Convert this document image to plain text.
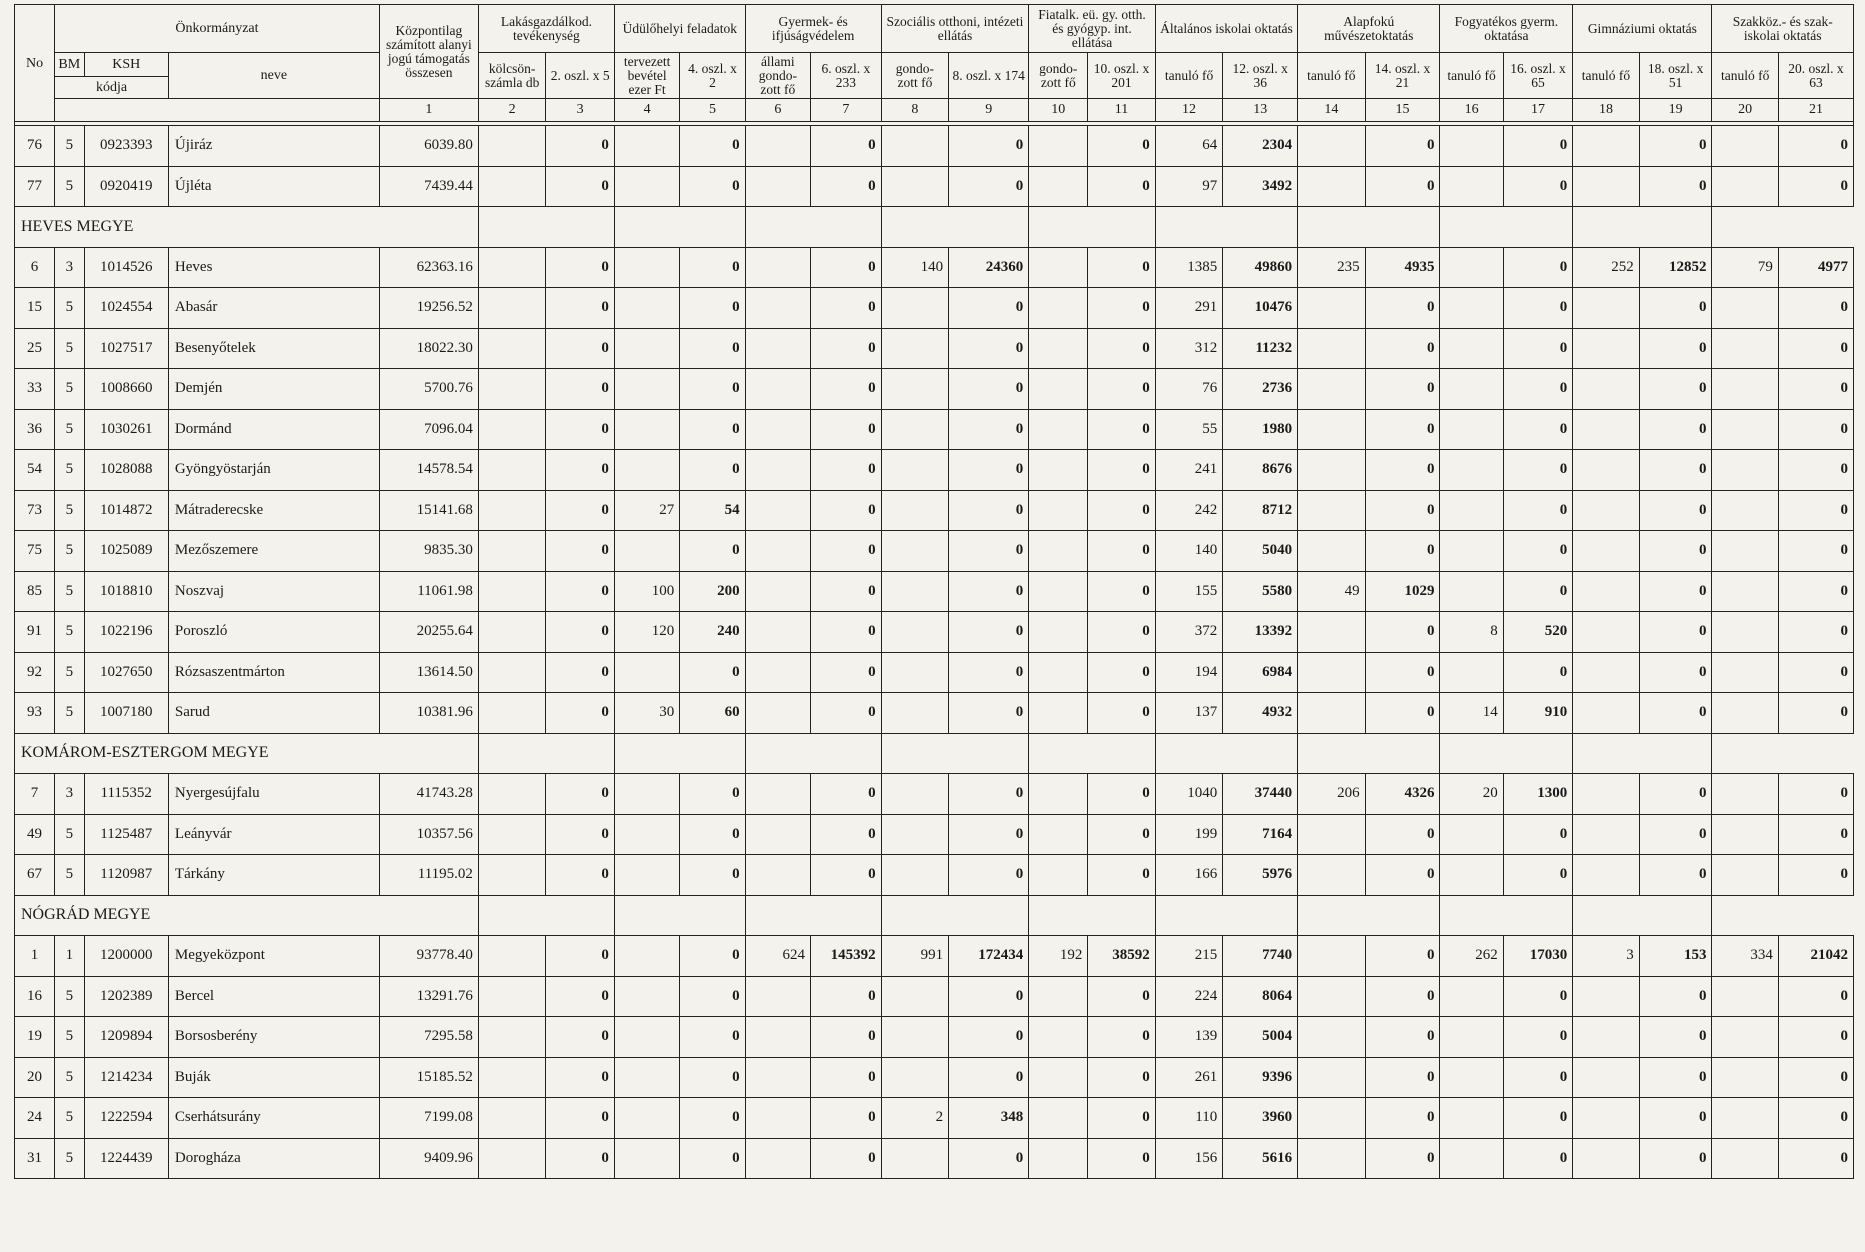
No	Önkormányzat			Központilag számított alanyi jogú támogatás összesen	Lakásgazdálkod. tevékenység		Üdülőhelyi feladatok		Gyermek- és ifjúságvédelem		Szociális otthoni, intézeti ellátás		Fiatalk. eü. gy. otth. és gyógyp. int. ellátása		Általános iskolai oktatás		Alapfokú művészetoktatás		Fogyatékos gyerm. oktatása		Gimnáziumi oktatás		Szakköz.- és szak- iskolai oktatás	
	BM	KSH	neve		kölcsön- számla db	2. oszl. x 5	tervezett bevétel ezer Ft	4. oszl. x 2	állami gondo- zott fő	6. oszl. x 233	gondo- zott fő	8. oszl. x 174	gondo- zott fő	10. oszl. x 201	tanuló fő	12. oszl. x 36	tanuló fő	14. oszl. x 21	tanuló fő	16. oszl. x 65	tanuló fő	18. oszl. x 51	tanuló fő	20. oszl. x 63
	kódja																							
				1	2	3	4	5	6	7	8	9	10	11	12	13	14	15	16	17	18	19	20	21

76	5	0923393	Újiráz	6039.80		0		0		0		0		0	64	2304		0		0		0		0
77	5	0920419	Újléta	7439.44		0		0		0		0		0	97	3492		0		0		0		0
HEVES MEGYE																								
6	3	1014526	Heves	62363.16		0		0		0	140	24360		0	1385	49860	235	4935		0	252	12852	79	4977
15	5	1024554	Abasár	19256.52		0		0		0		0		0	291	10476		0		0		0		0
25	5	1027517	Besenyőtelek	18022.30		0		0		0		0		0	312	11232		0		0		0		0
33	5	1008660	Demjén	5700.76		0		0		0		0		0	76	2736		0		0		0		0
36	5	1030261	Dormánd	7096.04		0		0		0		0		0	55	1980		0		0		0		0
54	5	1028088	Gyöngyöstarján	14578.54		0		0		0		0		0	241	8676		0		0		0		0
73	5	1014872	Mátraderecske	15141.68		0	27	54		0		0		0	242	8712		0		0		0		0
75	5	1025089	Mezőszemere	9835.30		0		0		0		0		0	140	5040		0		0		0		0
85	5	1018810	Noszvaj	11061.98		0	100	200		0		0		0	155	5580	49	1029		0		0		0
91	5	1022196	Poroszló	20255.64		0	120	240		0		0		0	372	13392		0	8	520		0		0
92	5	1027650	Rózsaszentmárton	13614.50		0		0		0		0		0	194	6984		0		0		0		0
93	5	1007180	Sarud	10381.96		0	30	60		0		0		0	137	4932		0	14	910		0		0
KOMÁROM-ESZTERGOM MEGYE																								
7	3	1115352	Nyergesújfalu	41743.28		0		0		0		0		0	1040	37440	206	4326	20	1300		0		0
49	5	1125487	Leányvár	10357.56		0		0		0		0		0	199	7164		0		0		0		0
67	5	1120987	Tárkány	11195.02		0		0		0		0		0	166	5976		0		0		0		0
NÓGRÁD MEGYE																								
1	1	1200000	Megyeközpont	93778.40		0		0	624	145392	991	172434	192	38592	215	7740		0	262	17030	3	153	334	21042
16	5	1202389	Bercel	13291.76		0		0		0		0		0	224	8064		0		0		0		0
19	5	1209894	Borsosberény	7295.58		0		0		0		0		0	139	5004		0		0		0		0
20	5	1214234	Buják	15185.52		0		0		0		0		0	261	9396		0		0		0		0
24	5	1222594	Cserhátsurány	7199.08		0		0		0	2	348		0	110	3960		0		0		0		0
31	5	1224439	Dorogháza	9409.96		0		0		0		0		0	156	5616		0		0		0		0
